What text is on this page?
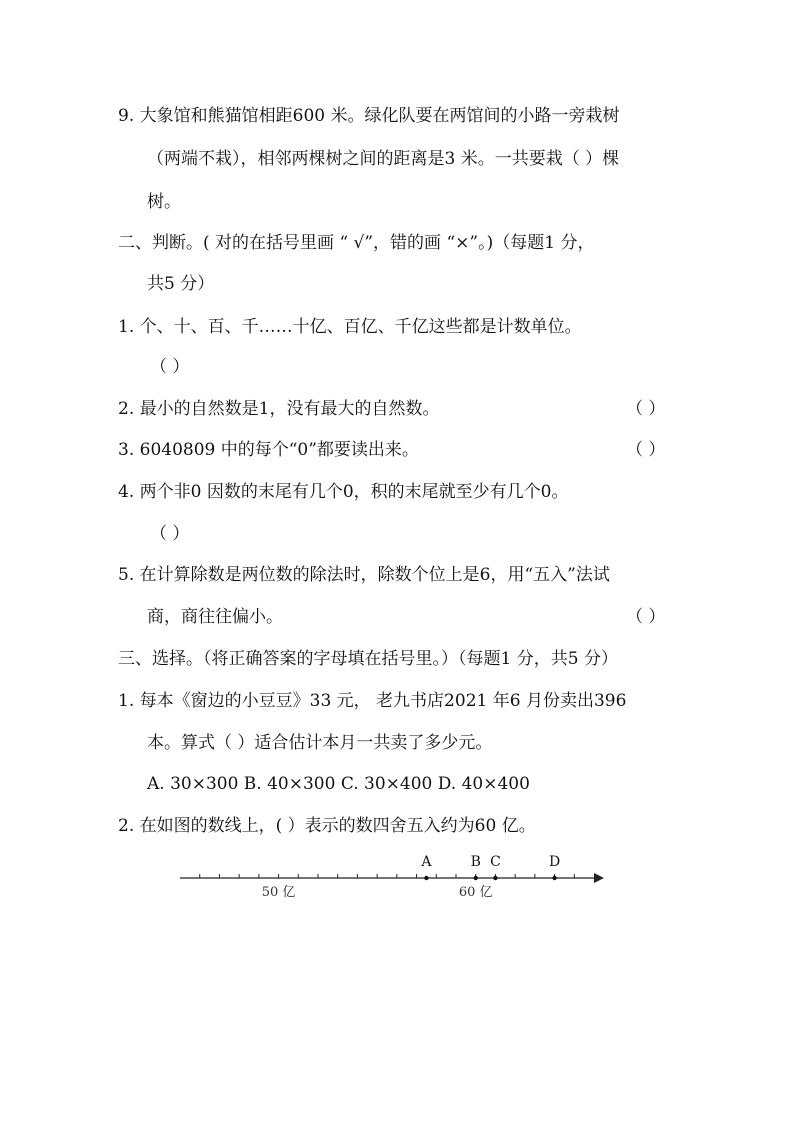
9. 大象馆和熊猫馆相距600 米。绿化队要在两馆间的小路一旁栽树
（两端不栽），相邻两棵树之间的距离是3 米。一共要栽（ ）棵
树。
二、判断。( 对的在括号里画 “ √”，错的画 “×”。)（每题1 分，
共5 分）
1. 个、十、百、千……十亿、百亿、千亿这些都是计数单位。
（ ）
2. 最小的自然数是1，没有最大的自然数。	（ ）
3. 6040809 中的每个“0”都要读出来。	（ ）
4. 两个非0 因数的末尾有几个0，积的末尾就至少有几个0。
（ ）
5. 在计算除数是两位数的除法时，除数个位上是6，用“五入”法试
商，商往往偏小。	（ ）
三、选择。（将正确答案的字母填在括号里。）（每题1 分，共5 分）
1. 每本《窗边的小豆豆》33 元， 老九书店2021 年6 月份卖出396
本。算式（ ）适合估计本月一共卖了多少元。
A. 30×300 B. 40×300 C. 30×400 D. 40×400
2. 在如图的数线上，( ）表示的数四舍五入约为60 亿。
A	B C	D
50 亿	60 亿
